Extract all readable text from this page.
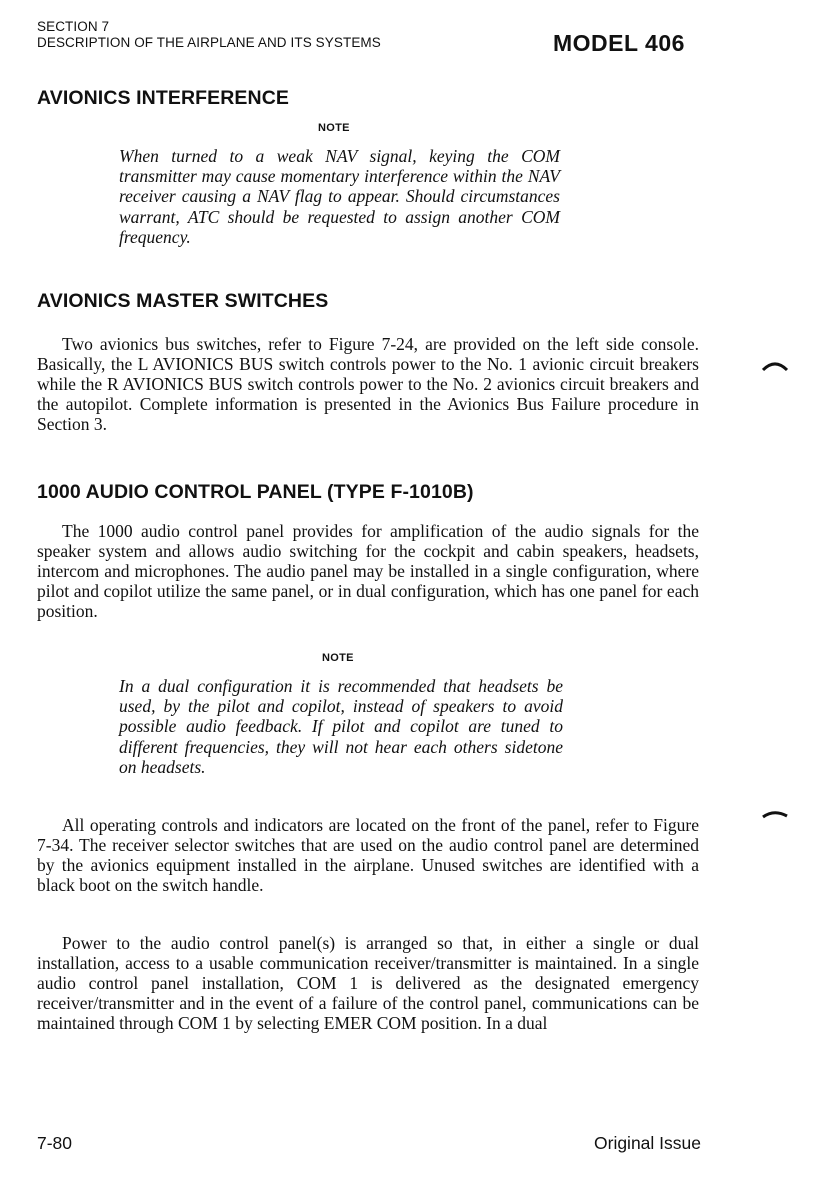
SECTION 7
DESCRIPTION OF THE AIRPLANE AND ITS SYSTEMS	MODEL 406
AVIONICS INTERFERENCE
NOTE

When turned to a weak NAV signal, keying the COM transmitter may cause momentary interference within the NAV receiver causing a NAV flag to appear. Should circumstances warrant, ATC should be requested to assign another COM frequency.

AVIONICS MASTER SWITCHES

Two avionics bus switches, refer to Figure 7-24, are provided on the left side console. Basically, the L AVIONICS BUS switch controls power to the No. 1 avionic circuit breakers while the R AVIONICS BUS switch controls power to the No. 2 avionics circuit breakers and the autopilot. Complete information is presented in the Avionics Bus Failure procedure in Section 3.

1000 AUDIO CONTROL PANEL (TYPE F-1010B)

The 1000 audio control panel provides for amplification of the audio signals for the speaker system and allows audio switching for the cockpit and cabin speakers, headsets, intercom and microphones. The audio panel may be installed in a single configuration, where pilot and copilot utilize the same panel, or in dual configuration, which has one panel for each position.

NOTE

In a dual configuration it is recommended that headsets be used, by the pilot and copilot, instead of speakers to avoid possible audio feedback. If pilot and copilot are tuned to different frequencies, they will not hear each others sidetone on headsets.

All operating controls and indicators are located on the front of the panel, refer to Figure 7-34. The receiver selector switches that are used on the audio control panel are determined by the avionics equipment installed in the airplane. Unused switches are identified with a black boot on the switch handle.

Power to the audio control panel(s) is arranged so that, in either a single or dual installation, access to a usable communication receiver/transmitter is maintained. In a single audio control panel installation, COM 1 is delivered as the designated emergency receiver/transmitter and in the event of a failure of the control panel, communications can be maintained through COM 1 by selecting EMER COM position. In a dual

7-80	Original Issue
